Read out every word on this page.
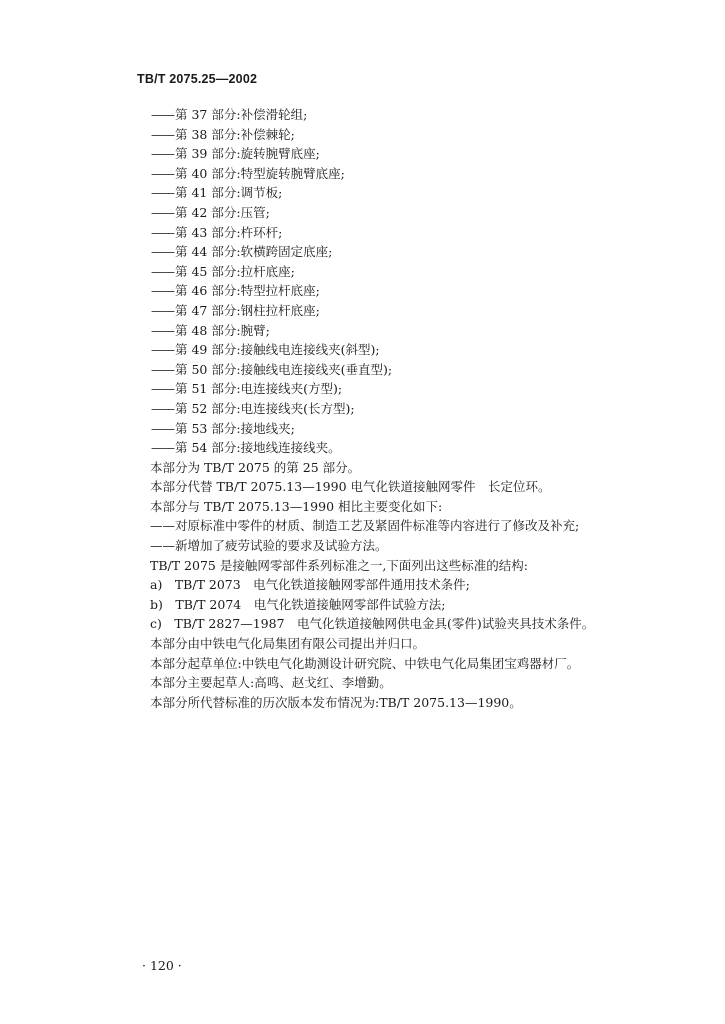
TB/T 2075.25—2002
——第 37 部分:补偿滑轮组;
——第 38 部分:补偿棘轮;
——第 39 部分:旋转腕臂底座;
——第 40 部分:特型旋转腕臂底座;
——第 41 部分:调节板;
——第 42 部分:压管;
——第 43 部分:杵环杆;
——第 44 部分:软横跨固定底座;
——第 45 部分:拉杆底座;
——第 46 部分:特型拉杆底座;
——第 47 部分:钢柱拉杆底座;
——第 48 部分:腕臂;
——第 49 部分:接触线电连接线夹(斜型);
——第 50 部分:接触线电连接线夹(垂直型);
——第 51 部分:电连接线夹(方型);
——第 52 部分:电连接线夹(长方型);
——第 53 部分:接地线夹;
——第 54 部分:接地线连接线夹。
本部分为 TB/T 2075 的第 25 部分。
本部分代替 TB/T 2075.13—1990 电气化铁道接触网零件　长定位环。
本部分与 TB/T 2075.13—1990 相比主要变化如下:
——对原标准中零件的材质、制造工艺及紧固件标准等内容进行了修改及补充;
——新增加了疲劳试验的要求及试验方法。
TB/T 2075 是接触网零部件系列标准之一,下面列出这些标准的结构:
a)　TB/T 2073　电气化铁道接触网零部件通用技术条件;
b)　TB/T 2074　电气化铁道接触网零部件试验方法;
c)　TB/T 2827—1987　电气化铁道接触网供电金具(零件)试验夹具技术条件。
本部分由中铁电气化局集团有限公司提出并归口。
本部分起草单位:中铁电气化勘测设计研究院、中铁电气化局集团宝鸡器材厂。
本部分主要起草人:高鸣、赵戈红、李增勤。
本部分所代替标准的历次版本发布情况为:TB/T 2075.13—1990。
· 120 ·
